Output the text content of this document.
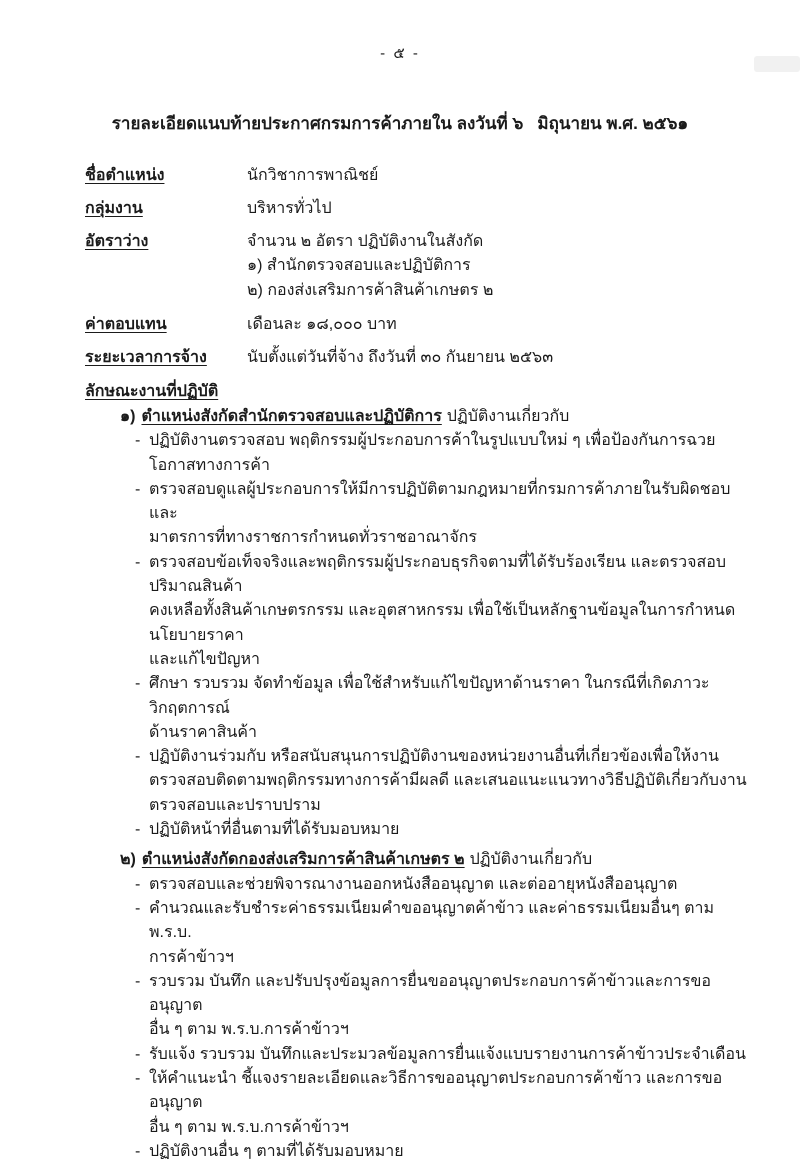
- ๕ -
รายละเอียดแนบท้ายประกาศกรมการค้าภายใน ลงวันที่ ๖   มิถุนายน พ.ศ. ๒๕๖๑
ชื่อตำแหน่ง	นักวิชาการพาณิชย์
กลุ่มงาน	บริหารทั่วไป
อัตราว่าง	จำนวน ๒ อัตรา ปฏิบัติงานในสังกัด
๑) สำนักตรวจสอบและปฏิบัติการ
๒) กองส่งเสริมการค้าสินค้าเกษตร ๒
ค่าตอบแทน	เดือนละ ๑๘,๐๐๐ บาท
ระยะเวลาการจ้าง	นับตั้งแต่วันที่จ้าง ถึงวันที่ ๓๐ กันยายน ๒๕๖๓
ลักษณะงานที่ปฏิบัติ
๑) ตำแหน่งสังกัดสำนักตรวจสอบและปฏิบัติการ ปฏิบัติงานเกี่ยวกับ
- ปฏิบัติงานตรวจสอบ พฤติกรรมผู้ประกอบการค้าในรูปแบบใหม่ ๆ เพื่อป้องกันการฉวยโอกาสทางการค้า
- ตรวจสอบดูแลผู้ประกอบการให้มีการปฏิบัติตามกฎหมายที่กรมการค้าภายในรับผิดชอบและ
มาตรการที่ทางราชการกำหนดทั่วราชอาณาจักร
- ตรวจสอบข้อเท็จจริงและพฤติกรรมผู้ประกอบธุรกิจตามที่ได้รับร้องเรียน และตรวจสอบปริมาณสินค้า
คงเหลือทั้งสินค้าเกษตรกรรม และอุตสาหกรรม เพื่อใช้เป็นหลักฐานข้อมูลในการกำหนดนโยบายราคา
และแก้ไขปัญหา
- ศึกษา รวบรวม จัดทำข้อมูล เพื่อใช้สำหรับแก้ไขปัญหาด้านราคา ในกรณีที่เกิดภาวะวิกฤตการณ์
ด้านราคาสินค้า
- ปฏิบัติงานร่วมกับ หรือสนับสนุนการปฏิบัติงานของหน่วยงานอื่นที่เกี่ยวข้องเพื่อให้งาน
ตรวจสอบติดตามพฤติกรรมทางการค้ามีผลดี และเสนอแนะแนวทางวิธีปฏิบัติเกี่ยวกับงาน
ตรวจสอบและปราบปราม
- ปฏิบัติหน้าที่อื่นตามที่ได้รับมอบหมาย
๒) ตำแหน่งสังกัดกองส่งเสริมการค้าสินค้าเกษตร ๒ ปฏิบัติงานเกี่ยวกับ
- ตรวจสอบและช่วยพิจารณางานออกหนังสืออนุญาต และต่ออายุหนังสืออนุญาต
- คำนวณและรับชำระค่าธรรมเนียมคำขออนุญาตค้าข้าว และค่าธรรมเนียมอื่นๆ ตาม พ.ร.บ.
การค้าข้าวฯ
- รวบรวม บันทึก และปรับปรุงข้อมูลการยื่นขออนุญาตประกอบการค้าข้าวและการขออนุญาต
อื่น ๆ ตาม พ.ร.บ.การค้าข้าวฯ
- รับแจ้ง รวบรวม บันทึกและประมวลข้อมูลการยื่นแจ้งแบบรายงานการค้าข้าวประจำเดือน
- ให้คำแนะนำ ชี้แจงรายละเอียดและวิธีการขออนุญาตประกอบการค้าข้าว และการขออนุญาต
อื่น ๆ ตาม พ.ร.บ.การค้าข้าวฯ
- ปฏิบัติงานอื่น ๆ ตามที่ได้รับมอบหมาย
